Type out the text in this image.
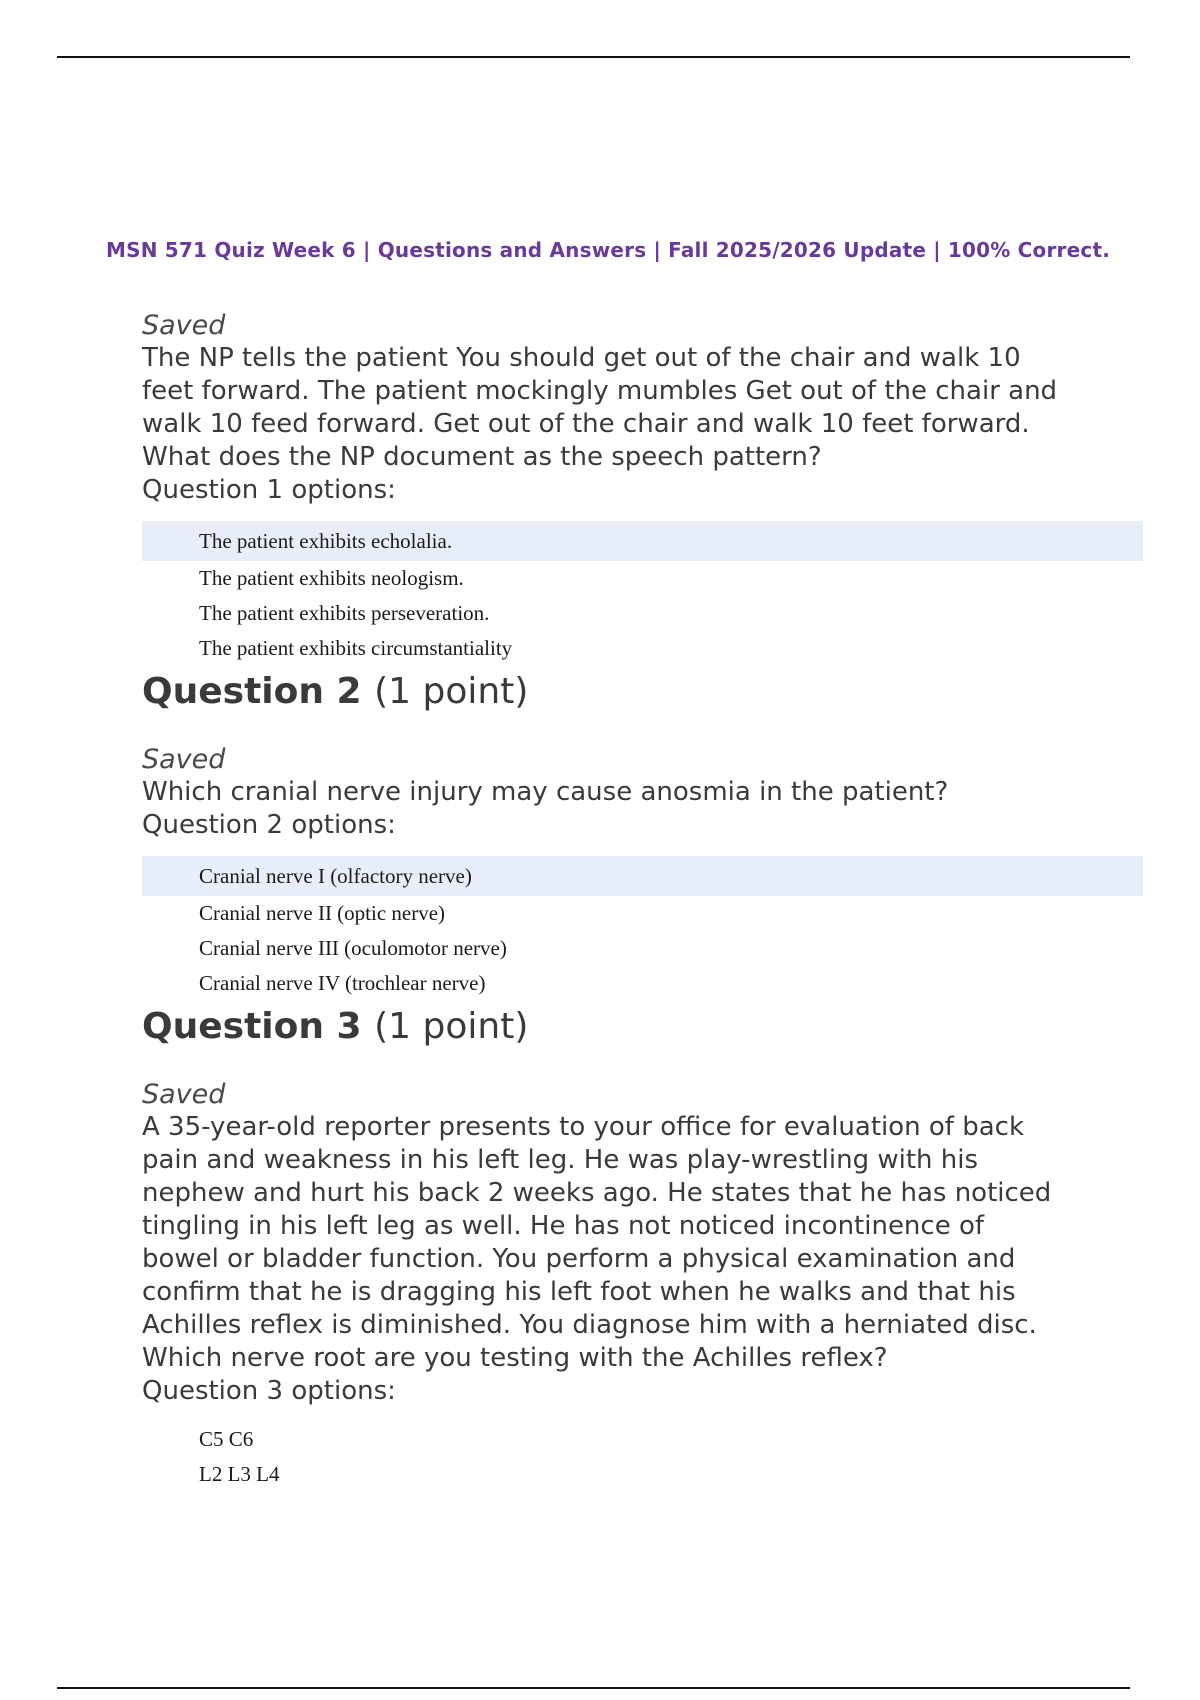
MSN 571 Quiz Week 6 | Questions and Answers | Fall 2025/2026 Update | 100% Correct.
Saved
The NP tells the patient You should get out of the chair and walk 10 feet forward. The patient mockingly mumbles Get out of the chair and walk 10 feed forward. Get out of the chair and walk 10 feet forward. What does the NP document as the speech pattern?
Question 1 options:
The patient exhibits echolalia.
The patient exhibits neologism.
The patient exhibits perseveration.
The patient exhibits circumstantiality
Question 2 (1 point)
Saved
Which cranial nerve injury may cause anosmia in the patient?
Question 2 options:
Cranial nerve I (olfactory nerve)
Cranial nerve II (optic nerve)
Cranial nerve III (oculomotor nerve)
Cranial nerve IV (trochlear nerve)
Question 3 (1 point)
Saved
A 35-year-old reporter presents to your office for evaluation of back pain and weakness in his left leg. He was play-wrestling with his nephew and hurt his back 2 weeks ago. He states that he has noticed tingling in his left leg as well. He has not noticed incontinence of bowel or bladder function. You perform a physical examination and confirm that he is dragging his left foot when he walks and that his Achilles reflex is diminished. You diagnose him with a herniated disc. Which nerve root are you testing with the Achilles reflex?
Question 3 options:
C5 C6
L2 L3 L4
